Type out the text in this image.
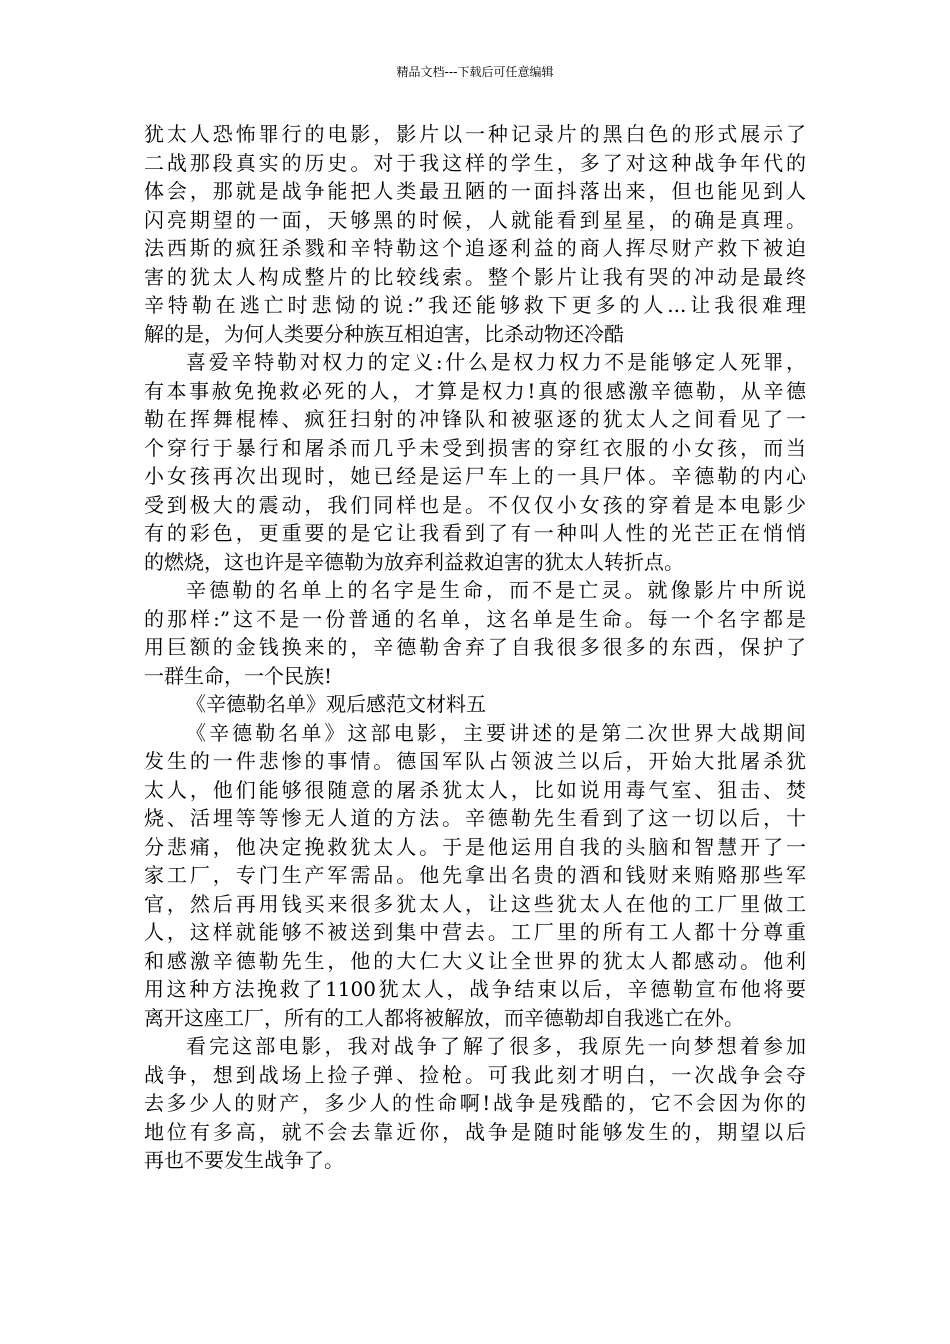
精品文档---下载后可任意编辑
犹太人恐怖罪行的电影，影片以一种记录片的黑白色的形式展示了
二战那段真实的历史。对于我这样的学生，多了对这种战争年代的
体会，那就是战争能把人类最丑陋的一面抖落出来，但也能见到人
闪亮期望的一面，天够黑的时候，人就能看到星星，的确是真理。
法西斯的疯狂杀戮和辛特勒这个追逐利益的商人挥尽财产救下被迫
害的犹太人构成整片的比较线索。整个影片让我有哭的冲动是最终
辛特勒在逃亡时悲恸的说:”我还能够救下更多的人...让我很难理
解的是，为何人类要分种族互相迫害，比杀动物还冷酷
喜爱辛特勒对权力的定义:什么是权力权力不是能够定人死罪，
有本事赦免挽救必死的人，才算是权力!真的很感激辛德勒，从辛德
勒在挥舞棍棒、疯狂扫射的冲锋队和被驱逐的犹太人之间看见了一
个穿行于暴行和屠杀而几乎未受到损害的穿红衣服的小女孩，而当
小女孩再次出现时，她已经是运尸车上的一具尸体。辛德勒的内心
受到极大的震动，我们同样也是。不仅仅小女孩的穿着是本电影少
有的彩色，更重要的是它让我看到了有一种叫人性的光芒正在悄悄
的燃烧，这也许是辛德勒为放弃利益救迫害的犹太人转折点。
辛德勒的名单上的名字是生命，而不是亡灵。就像影片中所说
的那样:”这不是一份普通的名单，这名单是生命。每一个名字都是
用巨额的金钱换来的，辛德勒舍弃了自我很多很多的东西，保护了
一群生命，一个民族!
《辛德勒名单》观后感范文材料五
《辛德勒名单》这部电影，主要讲述的是第二次世界大战期间
发生的一件悲惨的事情。德国军队占领波兰以后，开始大批屠杀犹
太人，他们能够很随意的屠杀犹太人，比如说用毒气室、狙击、焚
烧、活埋等等惨无人道的方法。辛德勒先生看到了这一切以后，十
分悲痛，他决定挽救犹太人。于是他运用自我的头脑和智慧开了一
家工厂，专门生产军需品。他先拿出名贵的酒和钱财来贿赂那些军
官，然后再用钱买来很多犹太人，让这些犹太人在他的工厂里做工
人，这样就能够不被送到集中营去。工厂里的所有工人都十分尊重
和感激辛德勒先生，他的大仁大义让全世界的犹太人都感动。他利
用这种方法挽救了1100犹太人，战争结束以后，辛德勒宣布他将要
离开这座工厂，所有的工人都将被解放，而辛德勒却自我逃亡在外。
看完这部电影，我对战争了解了很多，我原先一向梦想着参加
战争，想到战场上捡子弹、捡枪。可我此刻才明白，一次战争会夺
去多少人的财产，多少人的性命啊!战争是残酷的，它不会因为你的
地位有多高，就不会去靠近你，战争是随时能够发生的，期望以后
再也不要发生战争了。
